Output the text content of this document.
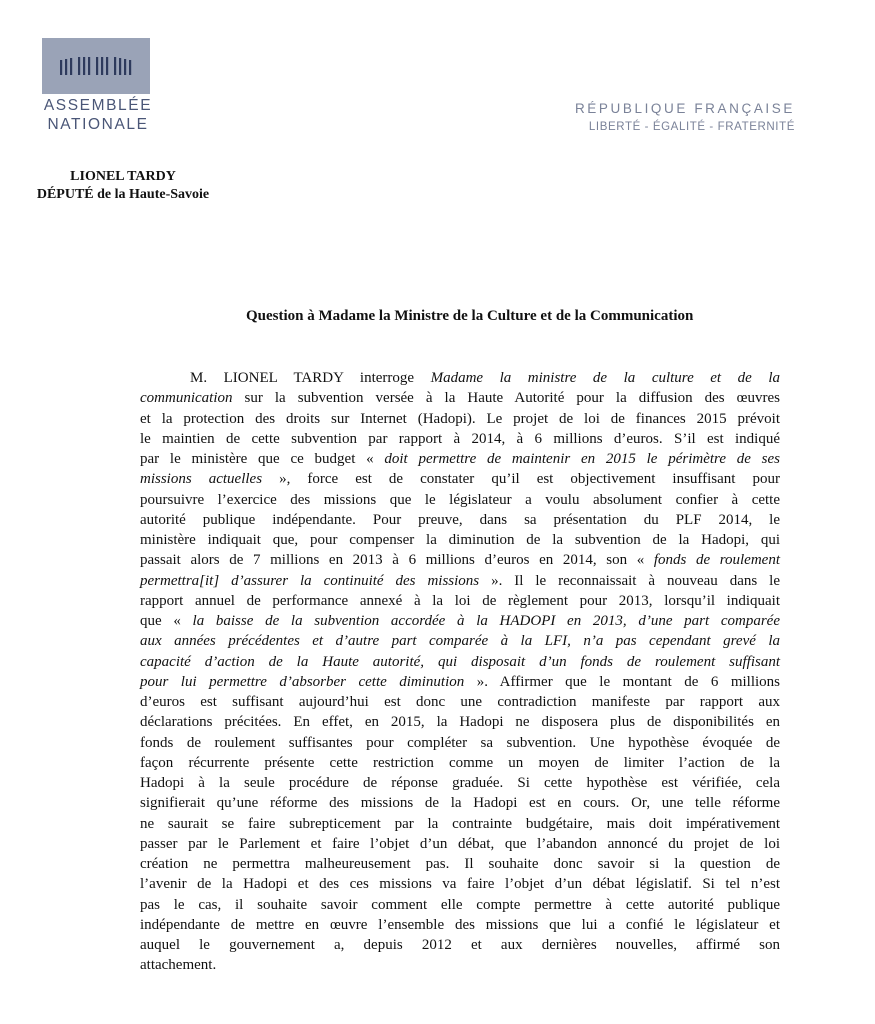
ASSEMBLÉE
NATIONALE
RÉPUBLIQUE FRANÇAISE
LIBERTÉ - ÉGALITÉ - FRATERNITÉ
LIONEL TARDY
DÉPUTÉ de la Haute-Savoie
Question à Madame la Ministre de la Culture et de la Communication
M. LIONEL TARDY interroge Madame la ministre de la culture et de la
communication sur la subvention versée à la Haute Autorité pour la diffusion des œuvres
et la protection des droits sur Internet (Hadopi). Le projet de loi de finances 2015 prévoit
le maintien de cette subvention par rapport à 2014, à 6 millions d’euros. S’il est indiqué
par le ministère que ce budget « doit permettre de maintenir en 2015 le périmètre de ses
missions actuelles », force est de constater qu’il est objectivement insuffisant pour
poursuivre l’exercice des missions que le législateur a voulu absolument confier à cette
autorité publique indépendante. Pour preuve, dans sa présentation du PLF 2014, le
ministère indiquait que, pour compenser la diminution de la subvention de la Hadopi, qui
passait alors de 7 millions en 2013 à 6 millions d’euros en 2014, son « fonds de roulement
permettra[it] d’assurer la continuité des missions ». Il le reconnaissait à nouveau dans le
rapport annuel de performance annexé à la loi de règlement pour 2013, lorsqu’il indiquait
que « la baisse de la subvention accordée à la HADOPI en 2013, d’une part comparée
aux années précédentes et d’autre part comparée à la LFI, n’a pas cependant grevé la
capacité d’action de la Haute autorité, qui disposait d’un fonds de roulement suffisant
pour lui permettre d’absorber cette diminution ». Affirmer que le montant de 6 millions
d’euros est suffisant aujourd’hui est donc une contradiction manifeste par rapport aux
déclarations précitées. En effet, en 2015, la Hadopi ne disposera plus de disponibilités en
fonds de roulement suffisantes pour compléter sa subvention. Une hypothèse évoquée de
façon récurrente présente cette restriction comme un moyen de limiter l’action de la
Hadopi à la seule procédure de réponse graduée. Si cette hypothèse est vérifiée, cela
signifierait qu’une réforme des missions de la Hadopi est en cours. Or, une telle réforme
ne saurait se faire subrepticement par la contrainte budgétaire, mais doit impérativement
passer par le Parlement et faire l’objet d’un débat, que l’abandon annoncé du projet de loi
création ne permettra malheureusement pas. Il souhaite donc savoir si la question de
l’avenir de la Hadopi et des ces missions va faire l’objet d’un débat législatif. Si tel n’est
pas le cas, il souhaite savoir comment elle compte permettre à cette autorité publique
indépendante de mettre en œuvre l’ensemble des missions que lui a confié le législateur et
auquel le gouvernement a, depuis 2012 et aux dernières nouvelles, affirmé son
attachement.
